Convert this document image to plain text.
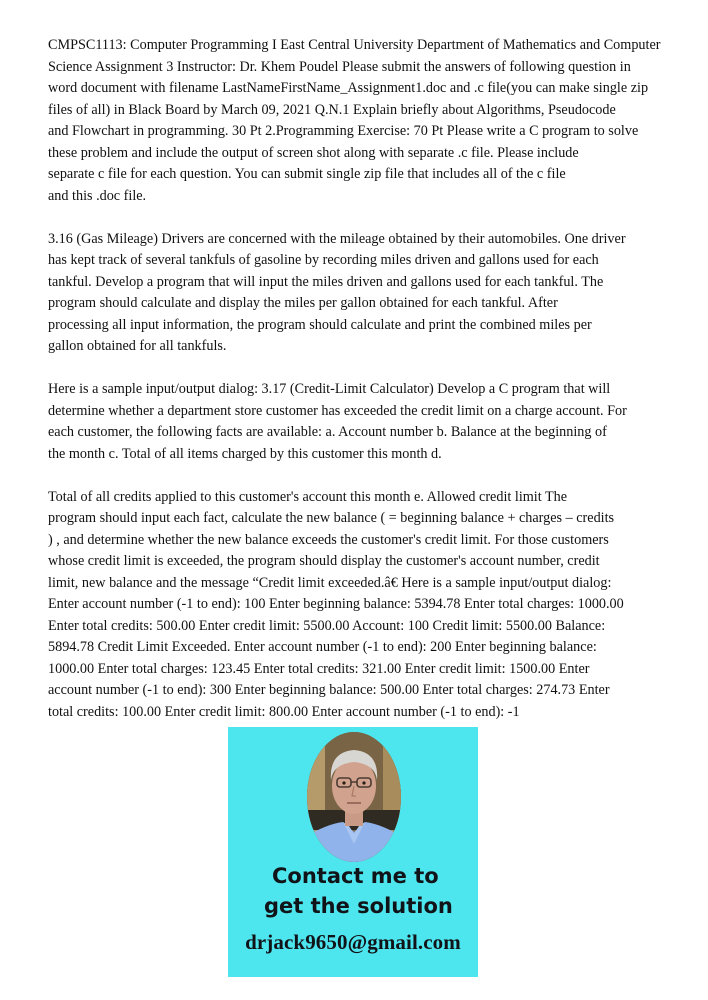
CMPSC1113: Computer Programming I East Central University Department of Mathematics and Computer
Science Assignment 3 Instructor: Dr. Khem Poudel Please submit the answers of following question in
word document with filename LastNameFirstName_Assignment1.doc and .c file(you can make single zip
files of all) in Black Board by March 09, 2021 Q.N.1 Explain briefly about Algorithms, Pseudocode
and Flowchart in programming. 30 Pt 2.Programming Exercise: 70 Pt Please write a C program to solve
these problem and include the output of screen shot along with separate .c file. Please include
separate c file for each question. You can submit single zip file that includes all of the c file
and this .doc file.
3.16 (Gas Mileage) Drivers are concerned with the mileage obtained by their automobiles. One driver
has kept track of several tankfuls of gasoline by recording miles driven and gallons used for each
tankful. Develop a program that will input the miles driven and gallons used for each tankful. The
program should calculate and display the miles per gallon obtained for each tankful. After
processing all input information, the program should calculate and print the combined miles per
gallon obtained for all tankfuls.
Here is a sample input/output dialog: 3.17 (Credit-Limit Calculator) Develop a C program that will
determine whether a department store customer has exceeded the credit limit on a charge account. For
each customer, the following facts are available: a. Account number b. Balance at the beginning of
the month c. Total of all items charged by this customer this month d.
Total of all credits applied to this customer's account this month e. Allowed credit limit The
program should input each fact, calculate the new balance ( = beginning balance + charges – credits
) , and determine whether the new balance exceeds the customer's credit limit. For those customers
whose credit limit is exceeded, the program should display the customer's account number, credit
limit, new balance and the message “Credit limit exceeded.â€ Here is a sample input/output dialog:
Enter account number (-1 to end): 100 Enter beginning balance: 5394.78 Enter total charges: 1000.00
Enter total credits: 500.00 Enter credit limit: 5500.00 Account: 100 Credit limit: 5500.00 Balance:
5894.78 Credit Limit Exceeded. Enter account number (-1 to end): 200 Enter beginning balance:
1000.00 Enter total charges: 123.45 Enter total credits: 321.00 Enter credit limit: 1500.00 Enter
account number (-1 to end): 300 Enter beginning balance: 500.00 Enter total charges: 274.73 Enter
total credits: 100.00 Enter credit limit: 800.00 Enter account number (-1 to end): -1
Contact me to
get the solution
drjack9650@gmail.com
